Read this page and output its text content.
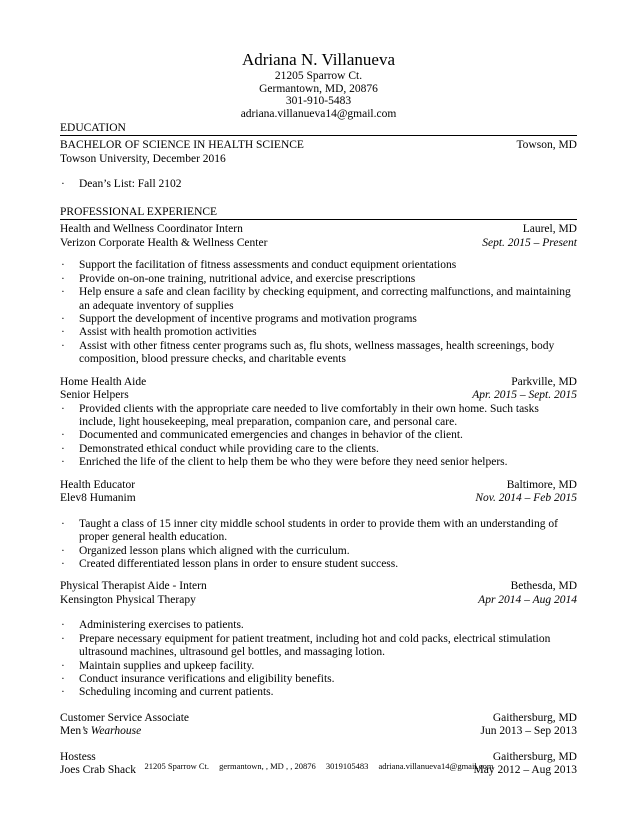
Adriana N. Villanueva
21205 Sparrow Ct.
Germantown, MD, 20876
301-910-5483
adriana.villanueva14@gmail.com
EDUCATION
BACHELOR OF SCIENCE IN HEALTH SCIENCE	Towson, MD
Towson University, December 2016
· Dean’s List: Fall 2102
PROFESSIONAL EXPERIENCE
Health and Wellness Coordinator Intern	Laurel, MD
Verizon Corporate Health & Wellness Center	Sept. 2015 – Present
· Support the facilitation of fitness assessments and conduct equipment orientations
· Provide on-on-one training, nutritional advice, and exercise prescriptions
· Help ensure a safe and clean facility by checking equipment, and correcting malfunctions, and maintaining an adequate inventory of supplies
· Support the development of incentive programs and motivation programs
· Assist with health promotion activities
· Assist with other fitness center programs such as, flu shots, wellness massages, health screenings, body composition, blood pressure checks, and charitable events
Home Health Aide	Parkville, MD
Senior Helpers	Apr. 2015 – Sept. 2015
· Provided clients with the appropriate care needed to live comfortably in their own home. Such tasks include, light housekeeping, meal preparation, companion care, and personal care.
· Documented and communicated emergencies and changes in behavior of the client.
· Demonstrated ethical conduct while providing care to the clients.
· Enriched the life of the client to help them be who they were before they need senior helpers.
Health Educator	Baltimore, MD
Elev8 Humanim	Nov. 2014 – Feb 2015
· Taught a class of 15 inner city middle school students in order to provide them with an understanding of proper general health education.
· Organized lesson plans which aligned with the curriculum.
· Created differentiated lesson plans in order to ensure student success.
Physical Therapist Aide - Intern	Bethesda, MD
Kensington Physical Therapy	Apr 2014 – Aug 2014
· Administering exercises to patients.
· Prepare necessary equipment for patient treatment, including hot and cold packs, electrical stimulation ultrasound machines, ultrasound gel bottles, and massaging lotion.
· Maintain supplies and upkeep facility.
· Conduct insurance verifications and eligibility benefits.
· Scheduling incoming and current patients.
Customer Service Associate	Gaithersburg, MD
Men’s Wearhouse	Jun 2013 – Sep 2013
Hostess	Gaithersburg, MD
Joes Crab Shack	May 2012 – Aug 2013
21205 Sparrow Ct. germantown, , MD , , 20876 3019105483 adriana.villanueva14@gmail.com
